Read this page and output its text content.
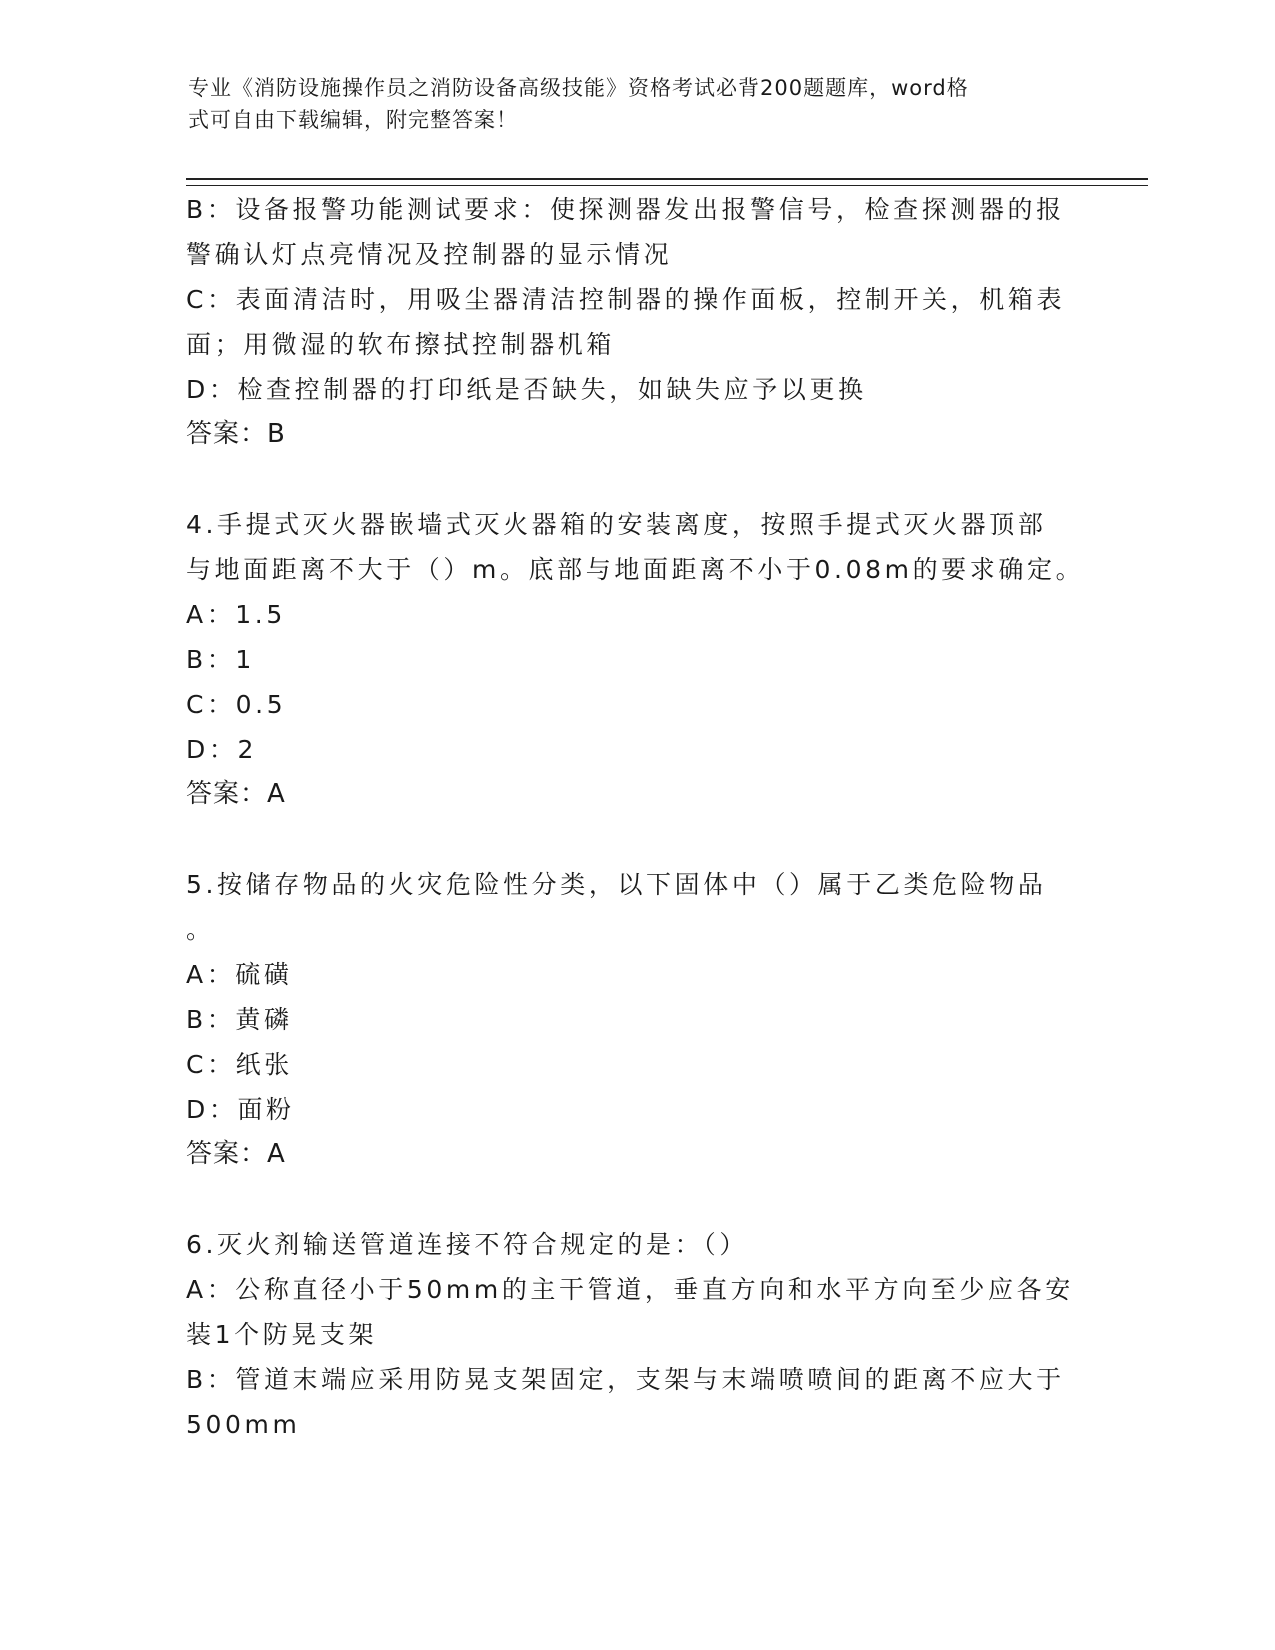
专业《消防设施操作员之消防设备高级技能》资格考试必背200题题库，word格
式可自由下载编辑，附完整答案！
B：设备报警功能测试要求：使探测器发出报警信号，检查探测器的报
警确认灯点亮情况及控制器的显示情况
C：表面清洁时，用吸尘器清洁控制器的操作面板，控制开关，机箱表
面；用微湿的软布擦拭控制器机箱
D：检查控制器的打印纸是否缺失，如缺失应予以更换
答案：B
4.手提式灭火器嵌墙式灭火器箱的安装离度，按照手提式灭火器顶部
与地面距离不大于（）m。底部与地面距离不小于0.08m的要求确定。
A：1.5
B：1
C：0.5
D：2
答案：A
5.按储存物品的火灾危险性分类，以下固体中（）属于乙类危险物品
。
A：硫磺
B：黄磷
C：纸张
D：面粉
答案：A
6.灭火剂输送管道连接不符合规定的是：（）
A：公称直径小于50mm的主干管道，垂直方向和水平方向至少应各安
装1个防晃支架
B：管道末端应采用防晃支架固定，支架与末端喷喷间的距离不应大于
500mm
